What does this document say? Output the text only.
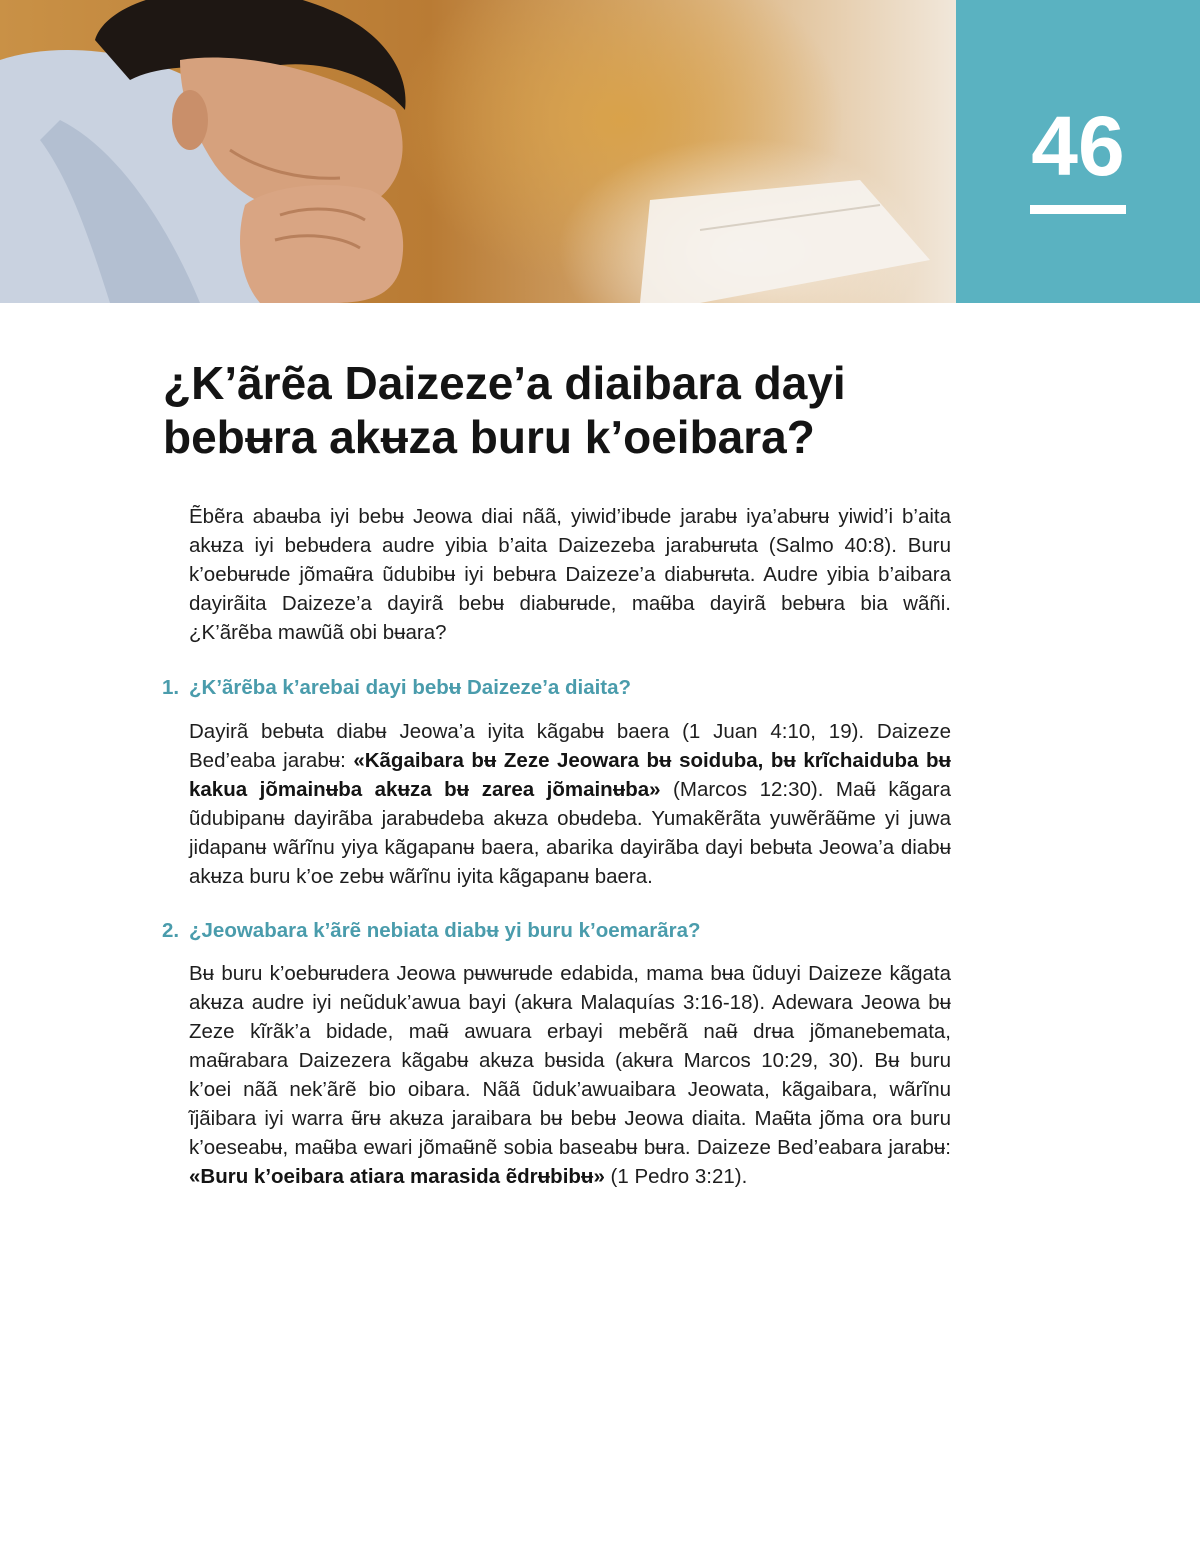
46
¿K’ãrẽa Daizeze’a diaibara dayi bebʉra akʉza buru k’oeibara?

Ẽbẽra abaʉba iyi bebʉ Jeowa diai nãã, yiwid’ibʉde jarabʉ iya’abʉrʉ yiwid’i b’aita akʉza iyi bebʉdera audre yibia b’aita Daizezeba jarabʉrʉta (Salmo 40:8). Buru k’oebʉrʉde jõmaʉ̃ra ũdubibʉ iyi bebʉra Daizeze’a diabʉrʉta. Audre yibia b’aibara dayirãita Daizeze’a dayirã bebʉ diabʉrʉde, maʉ̃ba dayirã bebʉra bia wãñi. ¿K’ãrẽba mawũã obi bʉara?

1. ¿K’ãrẽba k’arebai dayi bebʉ Daizeze’a diaita?

Dayirã bebʉta diabʉ Jeowa’a iyita kãgabʉ baera (1 Juan 4:10, 19). Daizeze Bed’eaba jarabʉ: «Kãgaibara bʉ Zeze Jeowara bʉ soiduba, bʉ krĩchaiduba bʉ kakua jõmainʉba akʉza bʉ zarea jõmainʉba» (Marcos 12:30). Maʉ̃ kãgara ũdubipanʉ dayirãba jarabʉdeba akʉza obʉdeba. Yumakẽrãta yuwẽrãʉ̃me yi juwa jidapanʉ wãrĩnu yiya kãgapanʉ baera, abarika dayirãba dayi bebʉta Jeowa’a diabʉ akʉza buru k’oe zebʉ wãrĩnu iyita kãgapanʉ baera.

2. ¿Jeowabara k’ãrẽ nebiata diabʉ yi buru k’oemarãra?

Bʉ buru k’oebʉrʉdera Jeowa pʉwʉrʉde edabida, mama bʉa ũduyi Daizeze kãgata akʉza audre iyi neũduk’awua bayi (akʉra Malaquías 3:16-18). Adewara Jeowa bʉ Zeze kĩrãk’a bidade, maʉ̃ awuara erbayi mebẽrã naʉ̃ drʉa jõmanebemata, maʉ̃rabara Daizezera kãgabʉ akʉza bʉsida (akʉra Marcos 10:29, 30). Bʉ buru k’oei nãã nek’ãrẽ bio oibara. Nãã ũduk’awuaibara Jeowata, kãgaibara, wãrĩnu ĩjãibara iyi warra ʉ̃rʉ akʉza jaraibara bʉ bebʉ Jeowa diaita. Maʉ̃ta jõma ora buru k’oeseabʉ, maʉ̃ba ewari jõmaʉ̃nẽ sobia baseabʉ bʉra. Daizeze Bed’eabara jarabʉ: «Buru k’oeibara atiara marasida ẽdrʉbibʉ» (1 Pedro 3:21).
